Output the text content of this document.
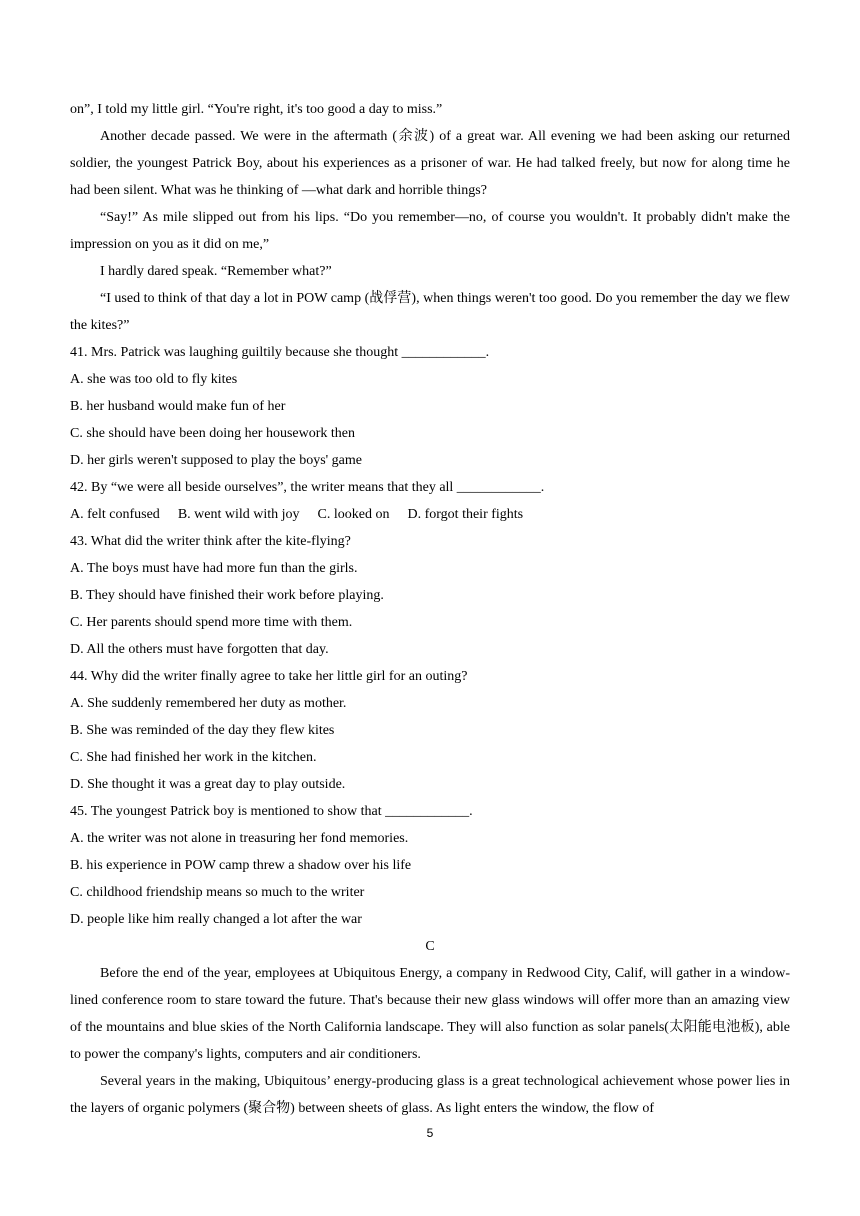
on”, I told my little girl. “You're right, it's too good a day to miss.”

Another decade passed. We were in the aftermath (余波) of a great war. All evening we had been asking our returned soldier, the youngest Patrick Boy, about his experiences as a prisoner of war. He had talked freely, but now for along time he had been silent. What was he thinking of —what dark and horrible things?

“Say!” As mile slipped out from his lips. “Do you remember—no, of course you wouldn't. It probably didn't make the impression on you as it did on me,”

I hardly dared speak. “Remember what?”

“I used to think of that day a lot in POW camp (战俘营), when things weren't too good. Do you remember the day we flew the kites?”

41. Mrs. Patrick was laughing guiltily because she thought ____________.

A. she was too old to fly kites

B. her husband would make fun of her

C. she should have been doing her housework then

D. her girls weren't supposed to play the boys' game

42. By “we were all beside ourselves”, the writer means that they all ____________.

A. felt confused B. went wild with joy C. looked on D. forgot their fights

43. What did the writer think after the kite-flying?

A. The boys must have had more fun than the girls.

B. They should have finished their work before playing.

C. Her parents should spend more time with them.

D. All the others must have forgotten that day.

44. Why did the writer finally agree to take her little girl for an outing?

A. She suddenly remembered her duty as mother.

B. She was reminded of the day they flew kites

C. She had finished her work in the kitchen.

D. She thought it was a great day to play outside.

45. The youngest Patrick boy is mentioned to show that ____________.

A. the writer was not alone in treasuring her fond memories.

B. his experience in POW camp threw a shadow over his life

C. childhood friendship means so much to the writer

D. people like him really changed a lot after the war

C

Before the end of the year, employees at Ubiquitous Energy, a company in Redwood City, Calif, will gather in a window-lined conference room to stare toward the future. That's because their new glass windows will offer more than an amazing view of the mountains and blue skies of the North California landscape. They will also function as solar panels(太阳能电池板), able to power the company's lights, computers and air conditioners.

Several years in the making, Ubiquitous’ energy-producing glass is a great technological achievement whose power lies in the layers of organic polymers (聚合物) between sheets of glass. As light enters the window, the flow of

5
